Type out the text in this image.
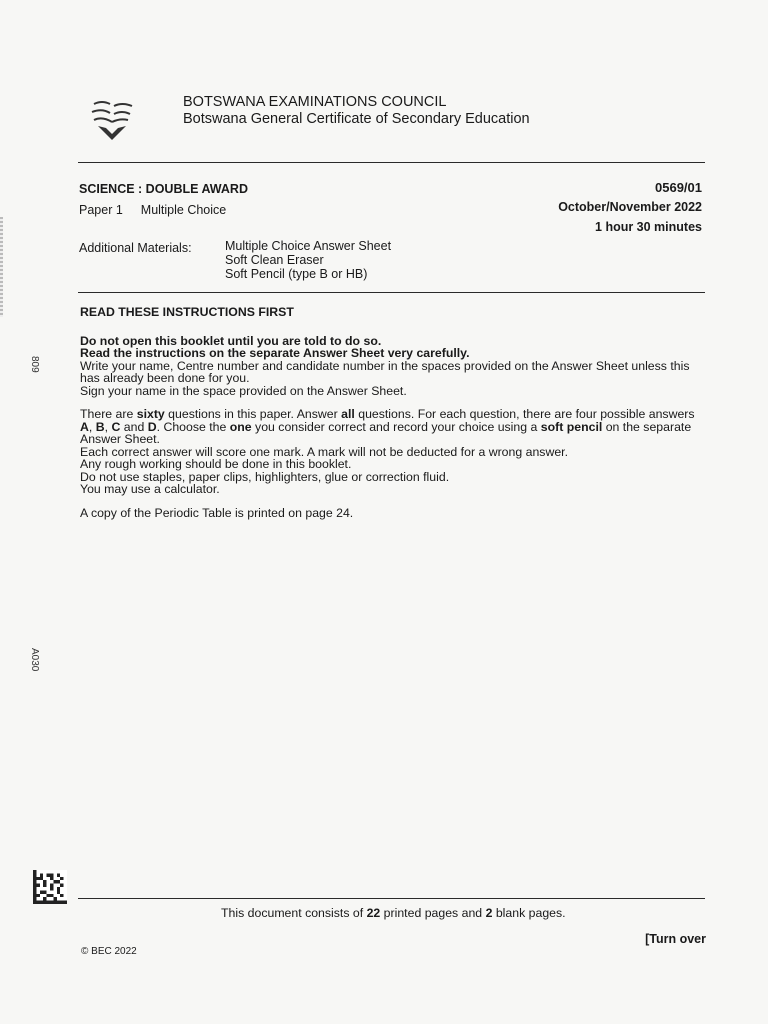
BOTSWANA EXAMINATIONS COUNCIL
Botswana General Certificate of Secondary Education
SCIENCE : DOUBLE AWARD
Paper 1 Multiple Choice
0569/01
October/November 2022
1 hour 30 minutes
Additional Materials:	Multiple Choice Answer Sheet
Soft Clean Eraser
Soft Pencil (type B or HB)

READ THESE INSTRUCTIONS FIRST

Do not open this booklet until you are told to do so.

Read the instructions on the separate Answer Sheet very carefully.

Write your name, Centre number and candidate number in the spaces provided on the Answer Sheet unless this has already been done for you.

Sign your name in the space provided on the Answer Sheet.

There are sixty questions in this paper. Answer all questions. For each question, there are four possible answers A, B, C and D. Choose the one you consider correct and record your choice using a soft pencil on the separate Answer Sheet.

Each correct answer will score one mark. A mark will not be deducted for a wrong answer.

Any rough working should be done in this booklet.

Do not use staples, paper clips, highlighters, glue or correction fluid.

You may use a calculator.

A copy of the Periodic Table is printed on page 24.

809
A030
This document consists of 22 printed pages and 2 blank pages.
[Turn over
© BEC 2022
